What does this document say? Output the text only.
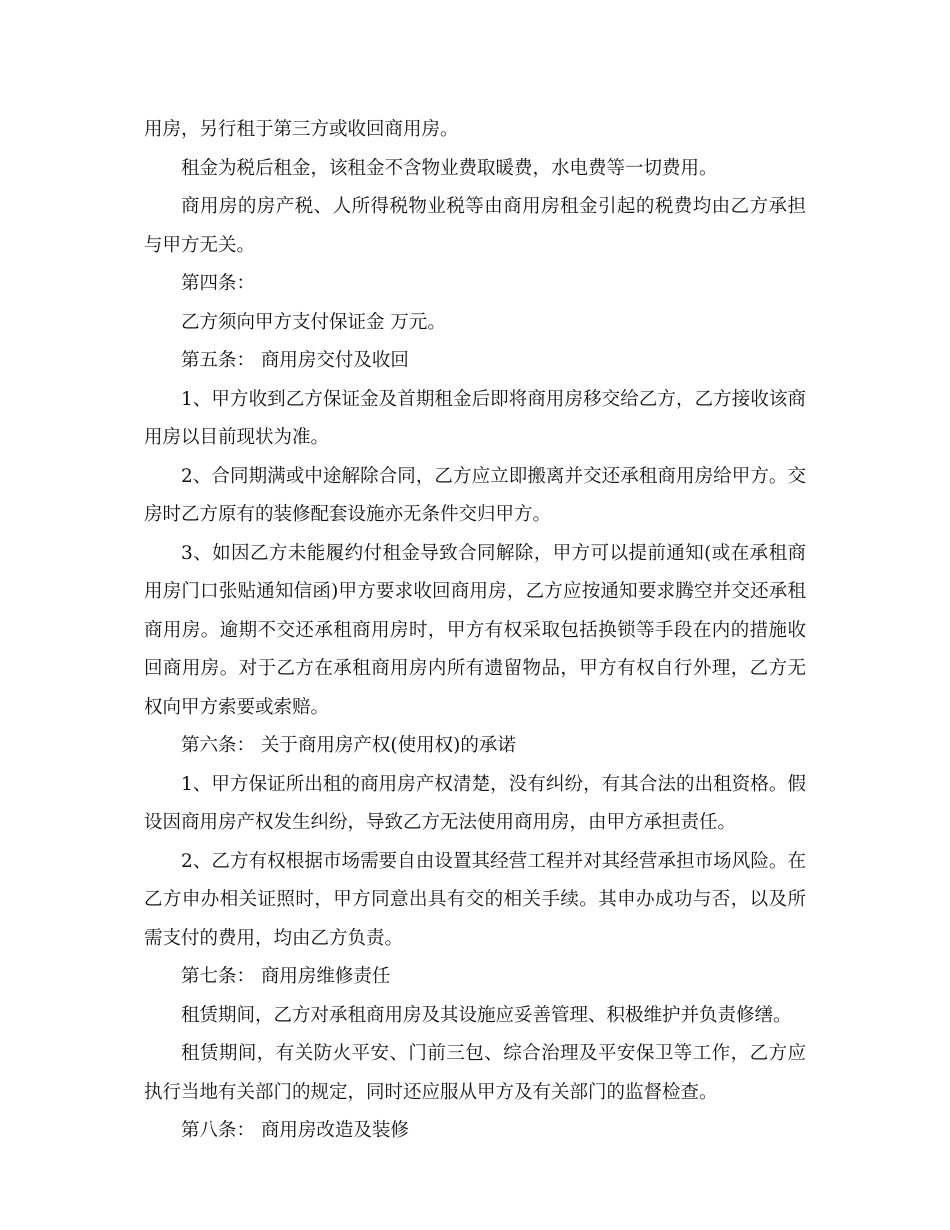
用房，另行租于第三方或收回商用房。

租金为税后租金，该租金不含物业费取暖费，水电费等一切费用。

商用房的房产税、人所得税物业税等由商用房租金引起的税费均由乙方承担与甲方无关。

第四条：

乙方须向甲方支付保证金 万元。

第五条： 商用房交付及收回

1、甲方收到乙方保证金及首期租金后即将商用房移交给乙方，乙方接收该商用房以目前现状为准。

2、合同期满或中途解除合同，乙方应立即搬离并交还承租商用房给甲方。交房时乙方原有的装修配套设施亦无条件交归甲方。

3、如因乙方未能履约付租金导致合同解除，甲方可以提前通知(或在承租商用房门口张贴通知信函)甲方要求收回商用房，乙方应按通知要求腾空并交还承租商用房。逾期不交还承租商用房时，甲方有权采取包括换锁等手段在内的措施收回商用房。对于乙方在承租商用房内所有遗留物品，甲方有权自行外理，乙方无权向甲方索要或索赔。

第六条： 关于商用房产权(使用权)的承诺

1、甲方保证所出租的商用房产权清楚，没有纠纷，有其合法的出租资格。假设因商用房产权发生纠纷，导致乙方无法使用商用房，由甲方承担责任。

2、乙方有权根据市场需要自由设置其经营工程并对其经营承担市场风险。在乙方申办相关证照时，甲方同意出具有交的相关手续。其申办成功与否，以及所需支付的费用，均由乙方负责。

第七条： 商用房维修责任

租赁期间，乙方对承租商用房及其设施应妥善管理、积极维护并负责修缮。

租赁期间，有关防火平安、门前三包、综合治理及平安保卫等工作，乙方应执行当地有关部门的规定，同时还应服从甲方及有关部门的监督检查。

第八条： 商用房改造及装修
